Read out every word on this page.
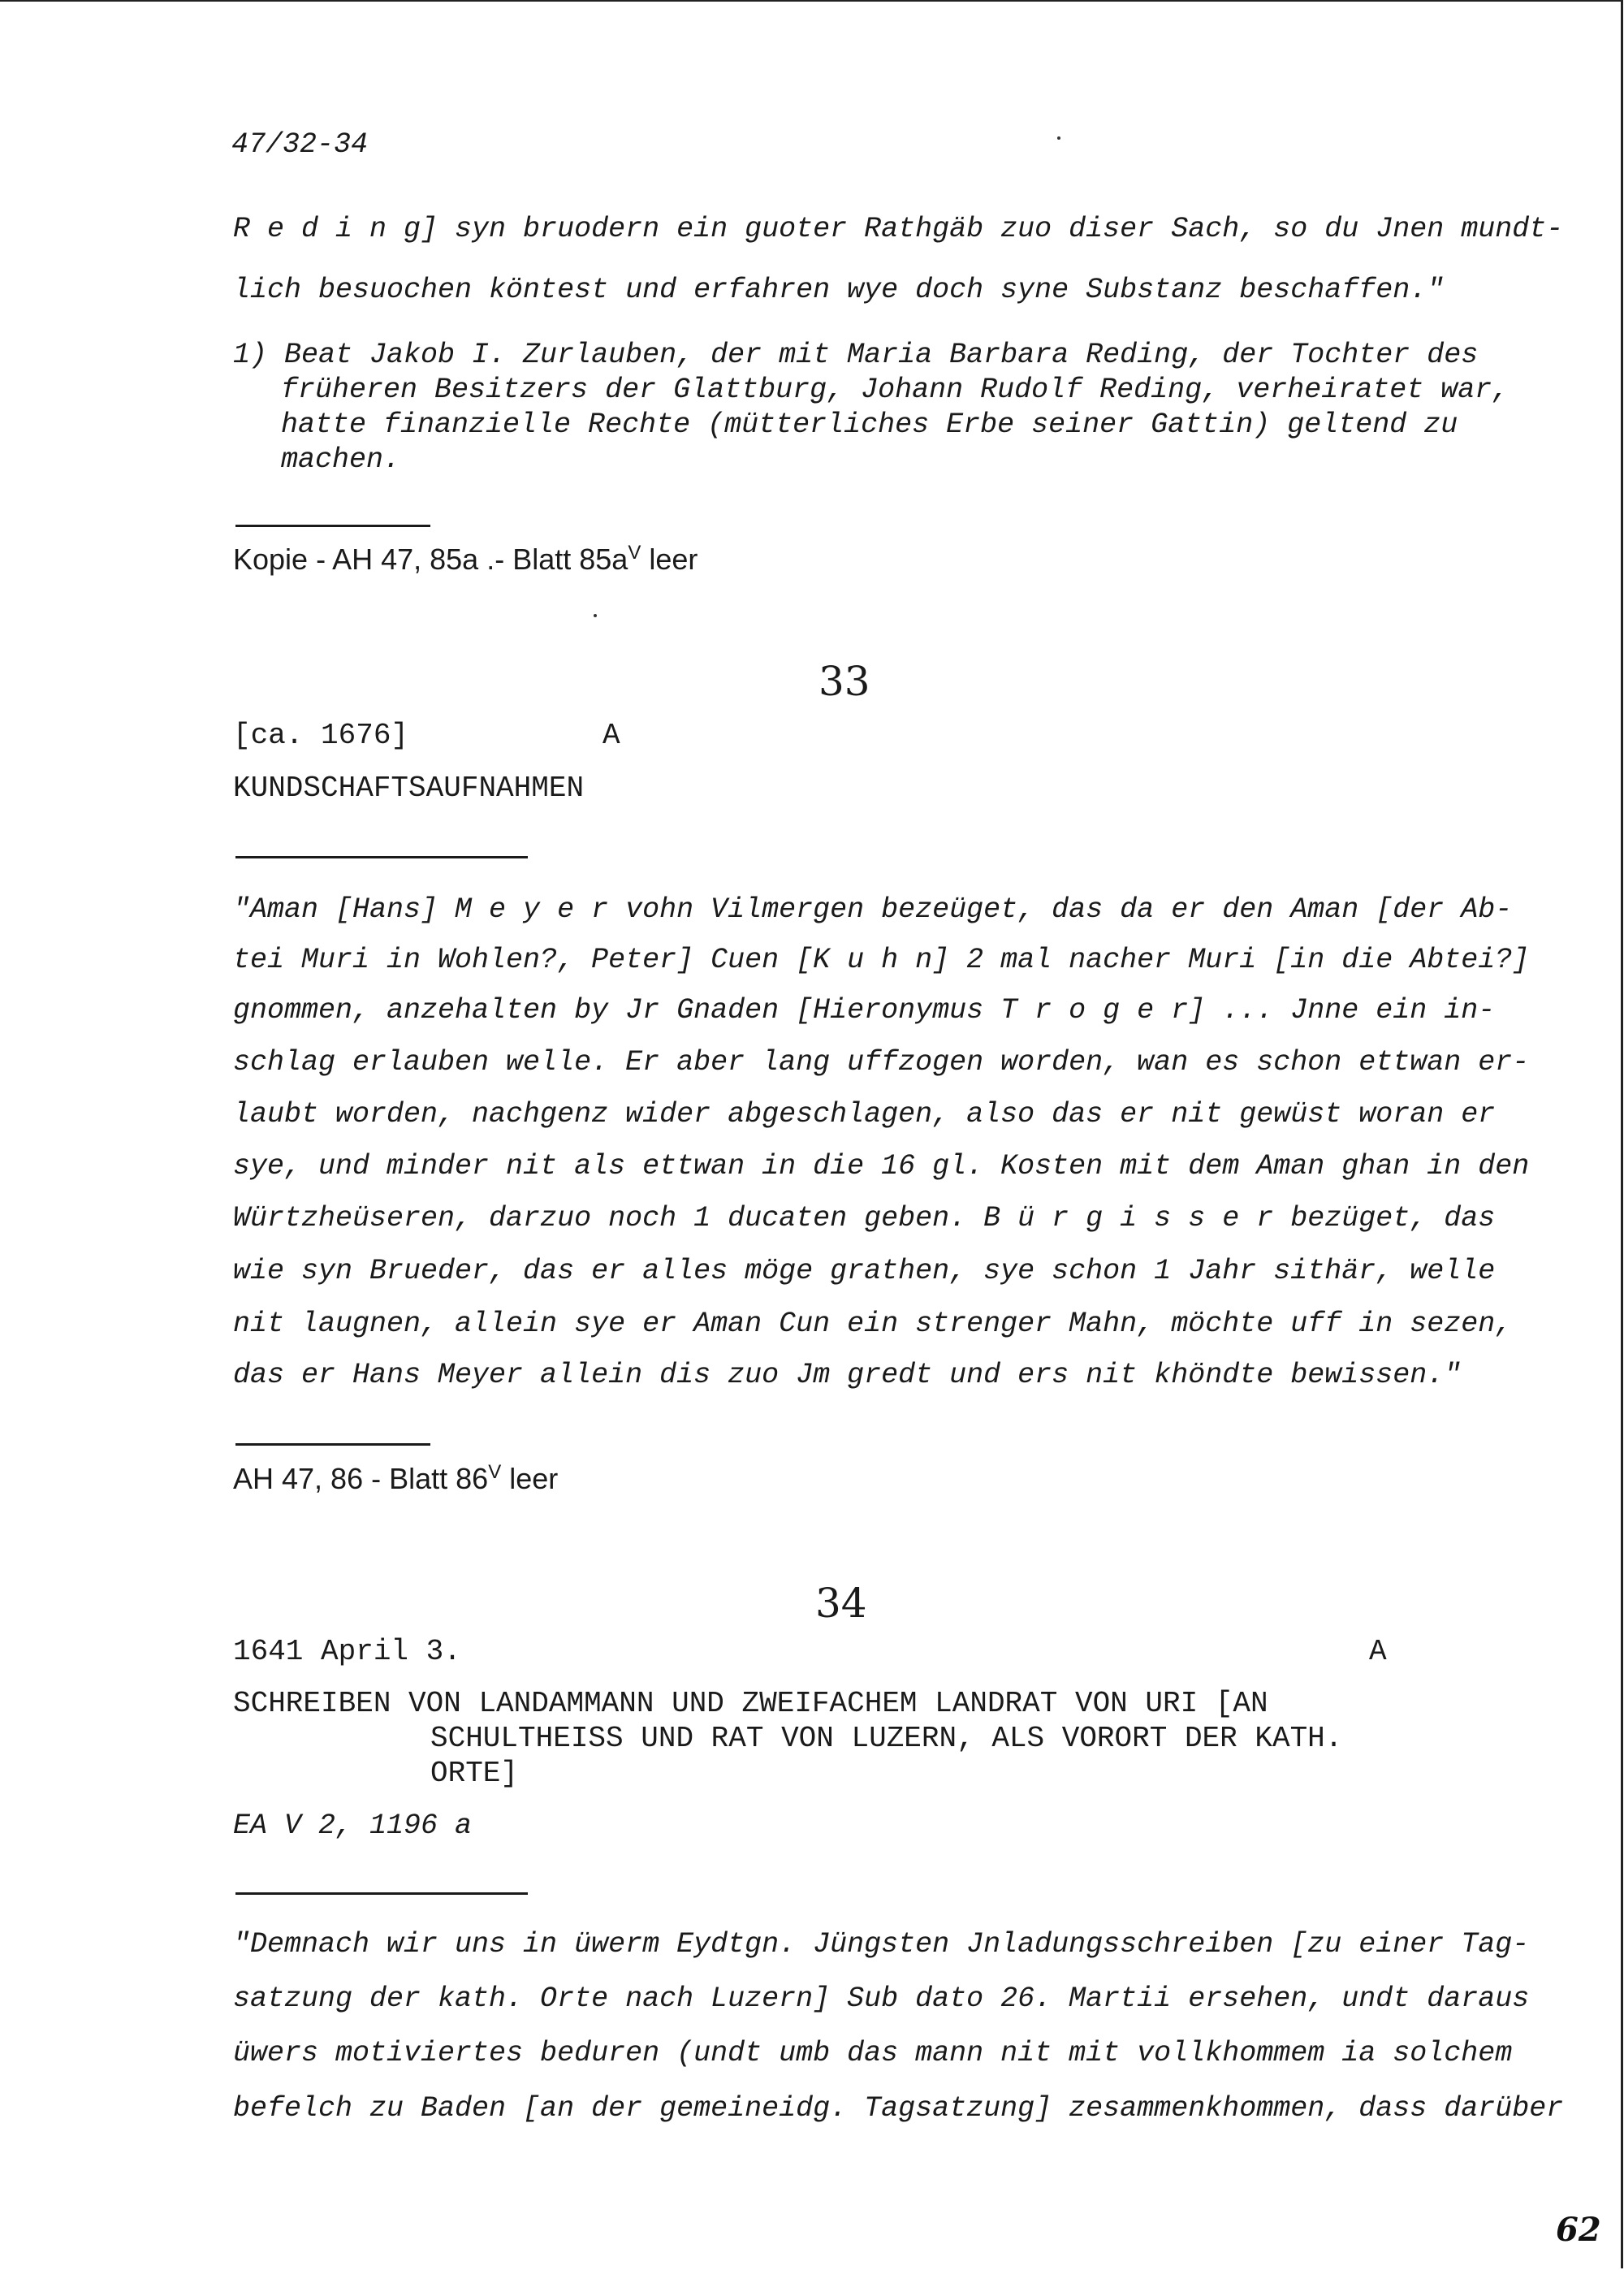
47/32-34
R e d i n g] syn bruodern ein guoter Rathgäb zuo diser Sach, so du Jnen mundt-
lich besuochen köntest und erfahren wye doch syne Substanz beschaffen."
1) Beat Jakob I. Zurlauben, der mit Maria Barbara Reding, der Tochter des
früheren Besitzers der Glattburg, Johann Rudolf Reding, verheiratet war,
hatte finanzielle Rechte (mütterliches Erbe seiner Gattin) geltend zu
machen.
Kopie - AH 47, 85a .- Blatt $85a^V$ leer
33
[ca. 1676]	A
KUNDSCHAFTSAUFNAHMEN
"Aman [Hans] M e y e r vohn Vilmergen bezeüget, das da er den Aman [der Ab-
tei Muri in Wohlen?, Peter] Cuen [K u h n] 2 mal nacher Muri [in die Abtei?]
gnommen, anzehalten by Jr Gnaden [Hieronymus T r o g e r] ... Jnne ein in-
schlag erlauben welle. Er aber lang uffzogen worden, wan es schon ettwan er-
laubt worden, nachgenz wider abgeschlagen, also das er nit gewüst woran er
sye, und minder nit als ettwan in die 16 gl. Kosten mit dem Aman ghan in den
Würtzheüseren, darzuo noch 1 ducaten geben. B ü r g i s s e r bezüget, das
wie syn Brueder, das er alles möge grathen, sye schon 1 Jahr sithär, welle
nit laugnen, allein sye er Aman Cun ein strenger Mahn, möchte uff in sezen,
das er Hans Meyer allein dis zuo Jm gredt und ers nit khöndte bewissen."
AH 47, 86 - Blatt $86^V$ leer
34
1641 April 3.	A
SCHREIBEN VON LANDAMMANN UND ZWEIFACHEM LANDRAT VON URI [AN
SCHULTHEISS UND RAT VON LUZERN, ALS VORORT DER KATH.
ORTE]
EA V 2, 1196 a
"Demnach wir uns in üwerm Eydtgn. Jüngsten Jnladungsschreiben [zu einer Tag-
satzung der kath. Orte nach Luzern] Sub dato 26. Martii ersehen, undt daraus
üwers motiviertes beduren (undt umb das mann nit mit vollkhommem ia solchem
befelch zu Baden [an der gemeineidg. Tagsatzung] zesammenkhommen, dass darüber
62
